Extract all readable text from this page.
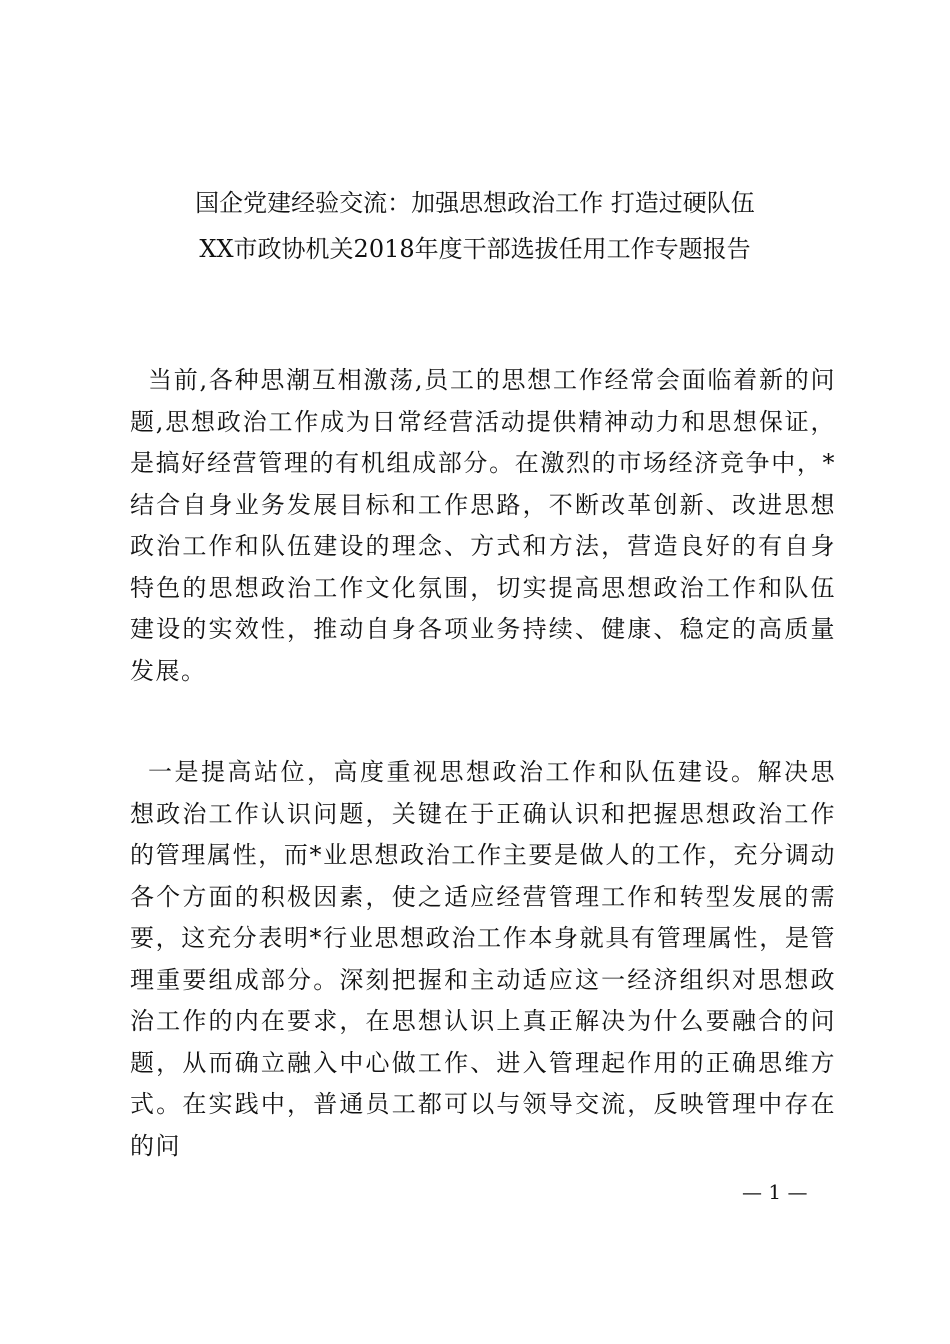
国企党建经验交流：加强思想政治工作 打造过硬队伍
XX市政协机关2018年度干部选拔任用工作专题报告

当前,各种思潮互相激荡,员工的思想工作经常会面临着新的问题,思想政治工作成为日常经营活动提供精神动力和思想保证，是搞好经营管理的有机组成部分。在激烈的市场经济竞争中，*结合自身业务发展目标和工作思路，不断改革创新、改进思想政治工作和队伍建设的理念、方式和方法，营造良好的有自身特色的思想政治工作文化氛围，切实提高思想政治工作和队伍建设的实效性，推动自身各项业务持续、健康、稳定的高质量发展。

一是提高站位，高度重视思想政治工作和队伍建设。解决思想政治工作认识问题，关键在于正确认识和把握思想政治工作的管理属性，而*业思想政治工作主要是做人的工作，充分调动各个方面的积极因素，使之适应经营管理工作和转型发展的需要，这充分表明*行业思想政治工作本身就具有管理属性，是管理重要组成部分。深刻把握和主动适应这一经济组织对思想政治工作的内在要求，在思想认识上真正解决为什么要融合的问题，从而确立融入中心做工作、进入管理起作用的正确思维方式。在实践中，普通员工都可以与领导交流，反映管理中存在的问

— 1 —
